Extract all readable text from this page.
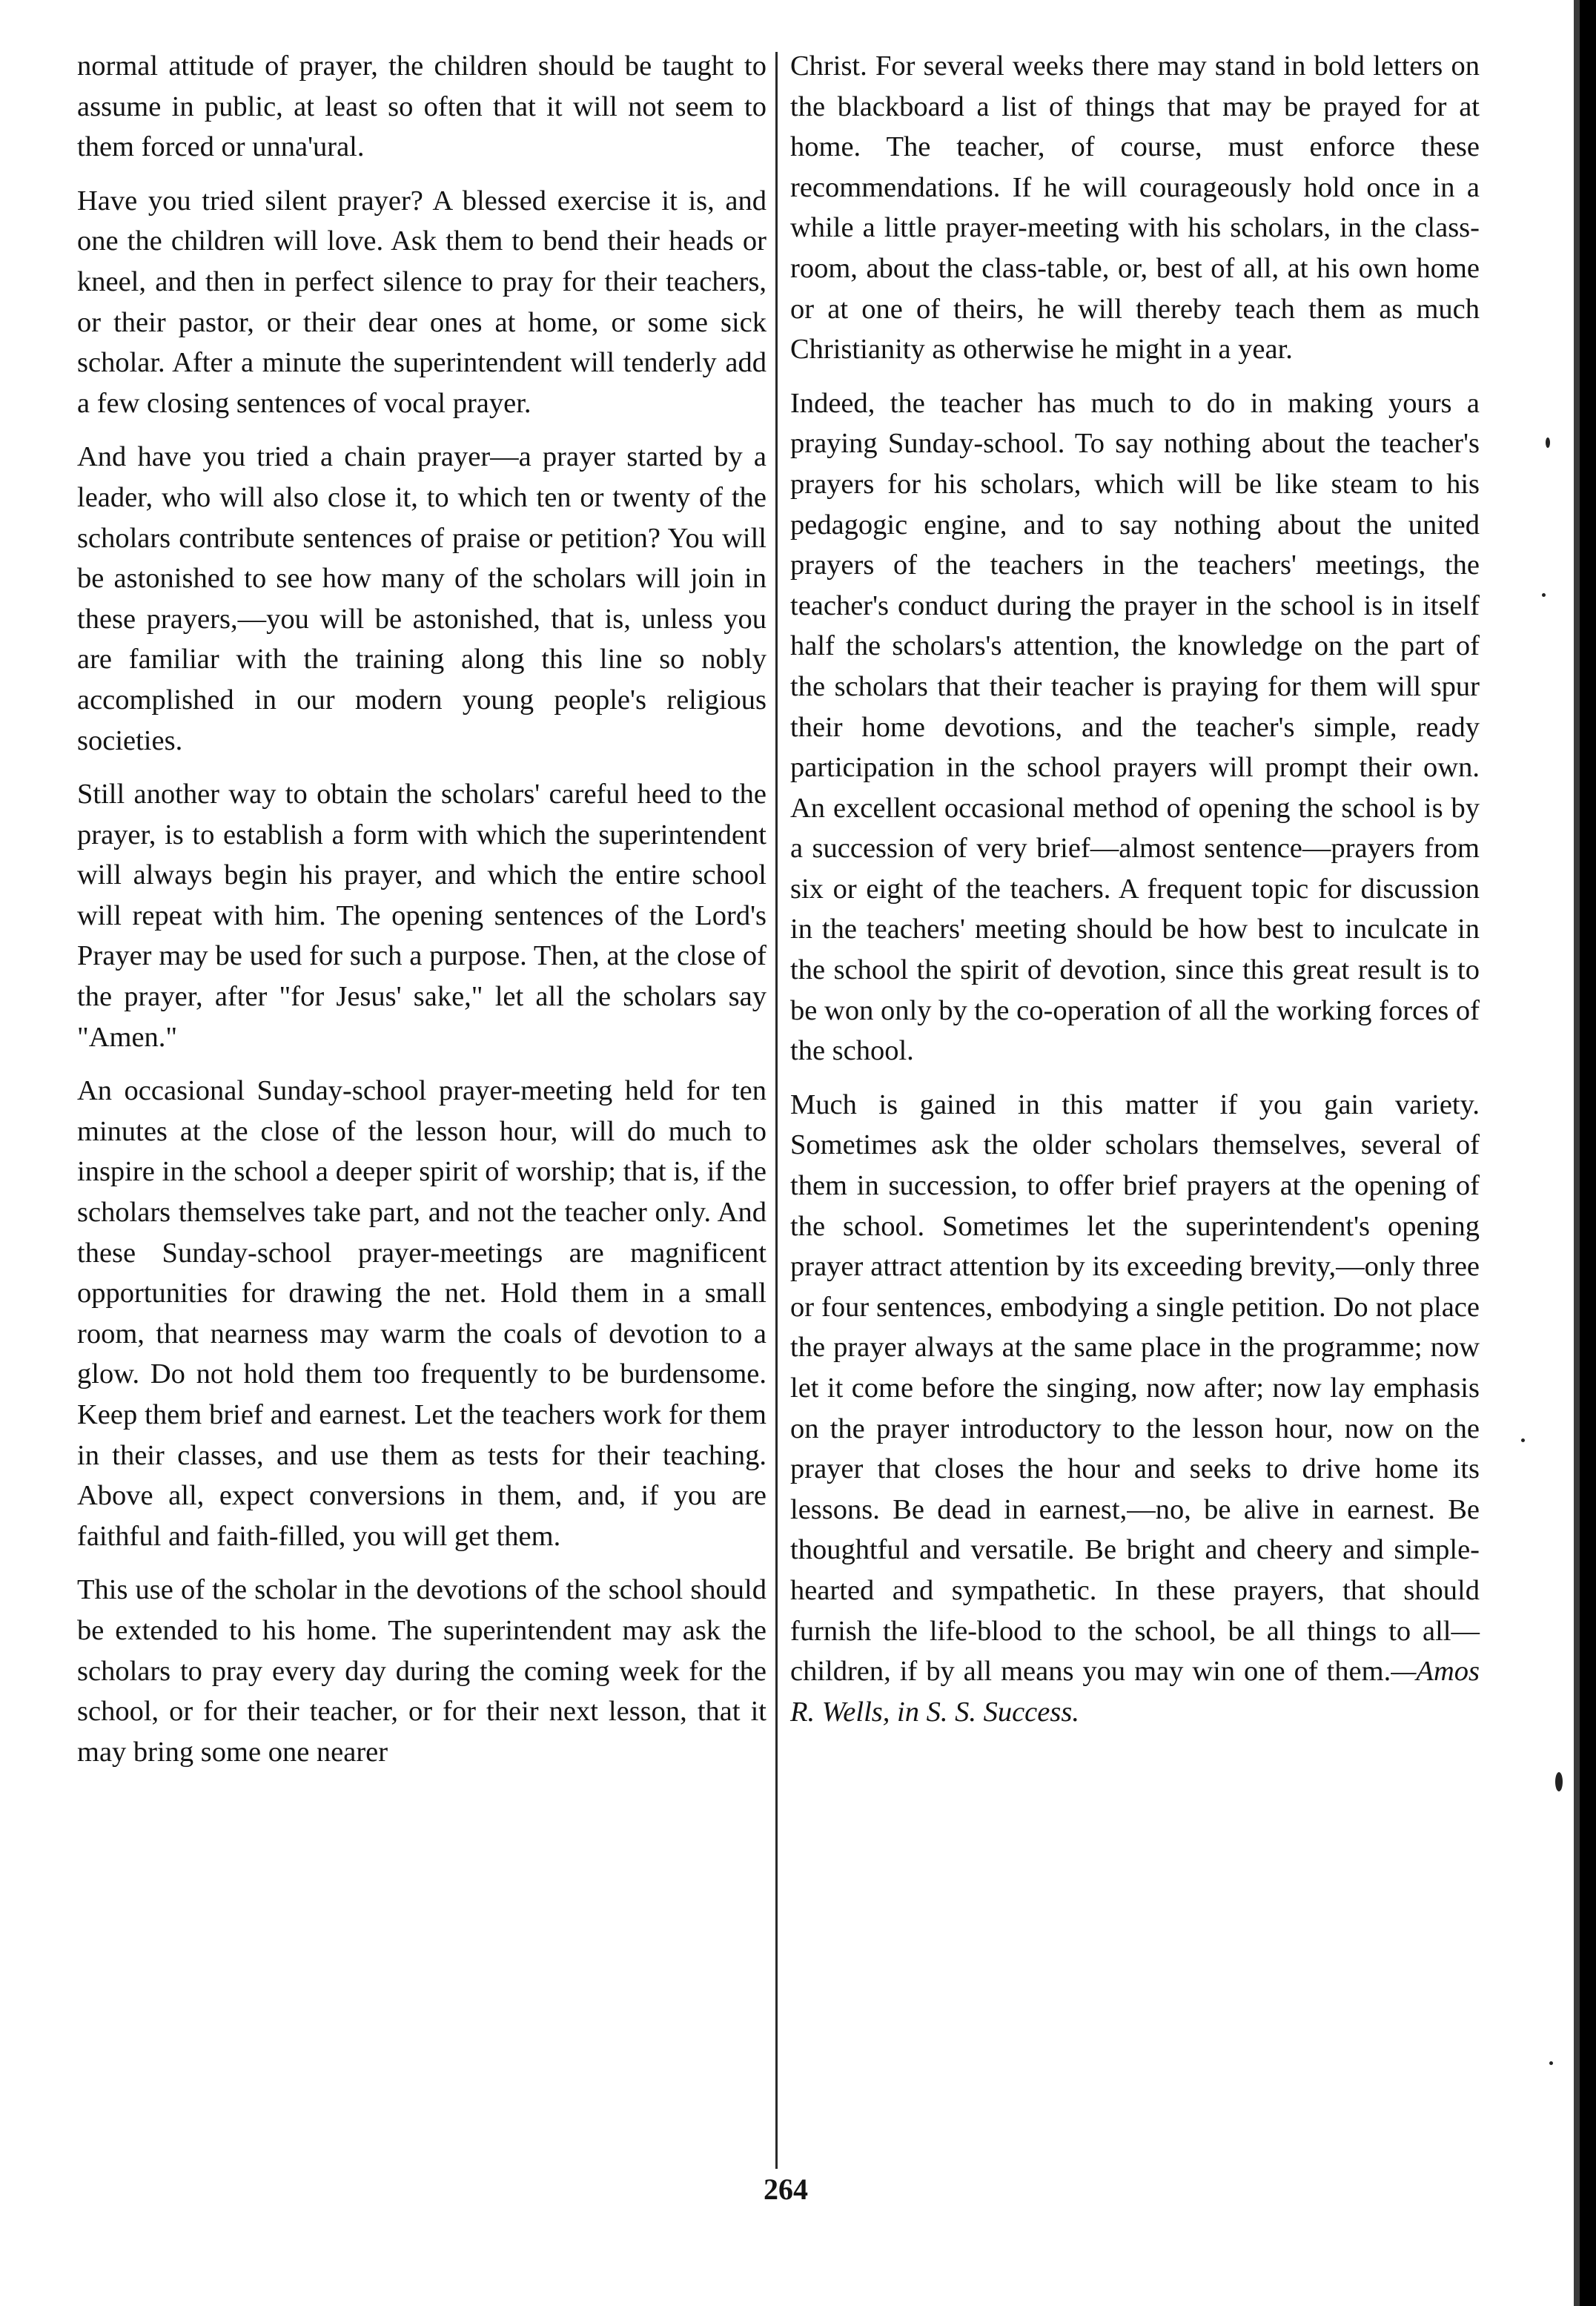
normal attitude of prayer, the children should be taught to assume in public, at least so often that it will not seem to them forced or unna'ural.

Have you tried silent prayer? A blessed exercise it is, and one the children will love. Ask them to bend their heads or kneel, and then in perfect silence to pray for their teachers, or their pastor, or their dear ones at home, or some sick scholar. After a minute the superintendent will tenderly add a few closing sentences of vocal prayer.

And have you tried a chain prayer—a prayer started by a leader, who will also close it, to which ten or twenty of the scholars contribute sentences of praise or petition? You will be astonished to see how many of the scholars will join in these prayers,—you will be astonished, that is, unless you are familiar with the training along this line so nobly accomplished in our modern young people's religious societies.

Still another way to obtain the scholars' careful heed to the prayer, is to establish a form with which the superintendent will always begin his prayer, and which the entire school will repeat with him. The opening sentences of the Lord's Prayer may be used for such a purpose. Then, at the close of the prayer, after "for Jesus' sake," let all the scholars say "Amen."

An occasional Sunday-school prayer-meeting held for ten minutes at the close of the lesson hour, will do much to inspire in the school a deeper spirit of worship; that is, if the scholars themselves take part, and not the teacher only. And these Sunday-school prayer-meetings are magnificent opportunities for drawing the net. Hold them in a small room, that nearness may warm the coals of devotion to a glow. Do not hold them too frequently to be burdensome. Keep them brief and earnest. Let the teachers work for them in their classes, and use them as tests for their teaching. Above all, expect conversions in them, and, if you are faithful and faith-filled, you will get them.

This use of the scholar in the devotions of the school should be extended to his home. The superintendent may ask the scholars to pray every day during the coming week for the school, or for their teacher, or for their next lesson, that it may bring some one nearer

Christ. For several weeks there may stand in bold letters on the blackboard a list of things that may be prayed for at home. The teacher, of course, must enforce these recommendations. If he will courageously hold once in a while a little prayer-meeting with his scholars, in the class-room, about the class-table, or, best of all, at his own home or at one of theirs, he will thereby teach them as much Christianity as otherwise he might in a year.

Indeed, the teacher has much to do in making yours a praying Sunday-school. To say nothing about the teacher's prayers for his scholars, which will be like steam to his pedagogic engine, and to say nothing about the united prayers of the teachers in the teachers' meetings, the teacher's conduct during the prayer in the school is in itself half the scholars's attention, the knowledge on the part of the scholars that their teacher is praying for them will spur their home devotions, and the teacher's simple, ready participation in the school prayers will prompt their own. An excellent occasional method of opening the school is by a succession of very brief—almost sentence—prayers from six or eight of the teachers. A frequent topic for discussion in the teachers' meeting should be how best to inculcate in the school the spirit of devotion, since this great result is to be won only by the co-operation of all the working forces of the school.

Much is gained in this matter if you gain variety. Sometimes ask the older scholars themselves, several of them in succession, to offer brief prayers at the opening of the school. Sometimes let the superintendent's opening prayer attract attention by its exceeding brevity,—only three or four sentences, embodying a single petition. Do not place the prayer always at the same place in the programme; now let it come before the singing, now after; now lay emphasis on the prayer introductory to the lesson hour, now on the prayer that closes the hour and seeks to drive home its lessons. Be dead in earnest,—no, be alive in earnest. Be thoughtful and versatile. Be bright and cheery and simple-hearted and sympathetic. In these prayers, that should furnish the life-blood to the school, be all things to all—children, if by all means you may win one of them.—Amos R. Wells, in S. S. Success.

264
